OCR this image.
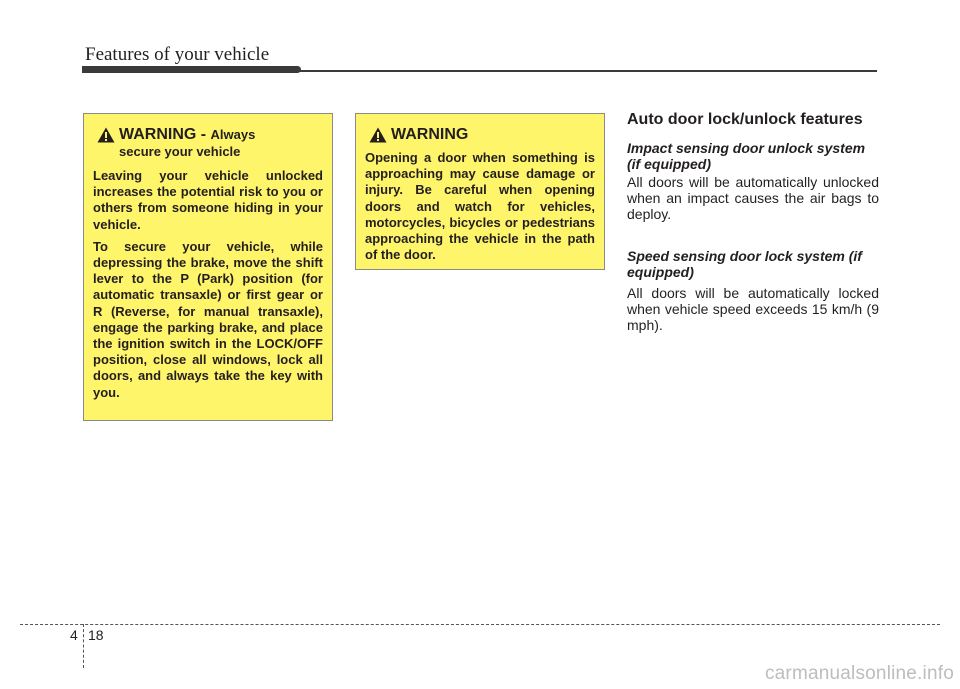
Features of your vehicle
WARNING - Always
secure your vehicle

Leaving your vehicle unlocked increases the potential risk to you or others from someone hiding in your vehicle.

To secure your vehicle, while depressing the brake, move the shift lever to the P (Park) position (for automatic transaxle) or first gear or R (Reverse, for manual transaxle), engage the parking brake, and place the ignition switch in the LOCK/OFF position, close all windows, lock all doors, and always take the key with you.

WARNING

Opening a door when something is approaching may cause damage or injury. Be careful when opening doors and watch for vehicles, motorcycles, bicycles or pedestrians approaching the vehicle in the path of the door.

Auto door lock/unlock features
Impact sensing door unlock system (if equipped)
All doors will be automatically unlocked when an impact causes the air bags to deploy.
Speed sensing door lock system (if equipped)
All doors will be automatically locked when vehicle speed exceeds 15 km/h (9 mph).
4 18
carmanualsonline.info
